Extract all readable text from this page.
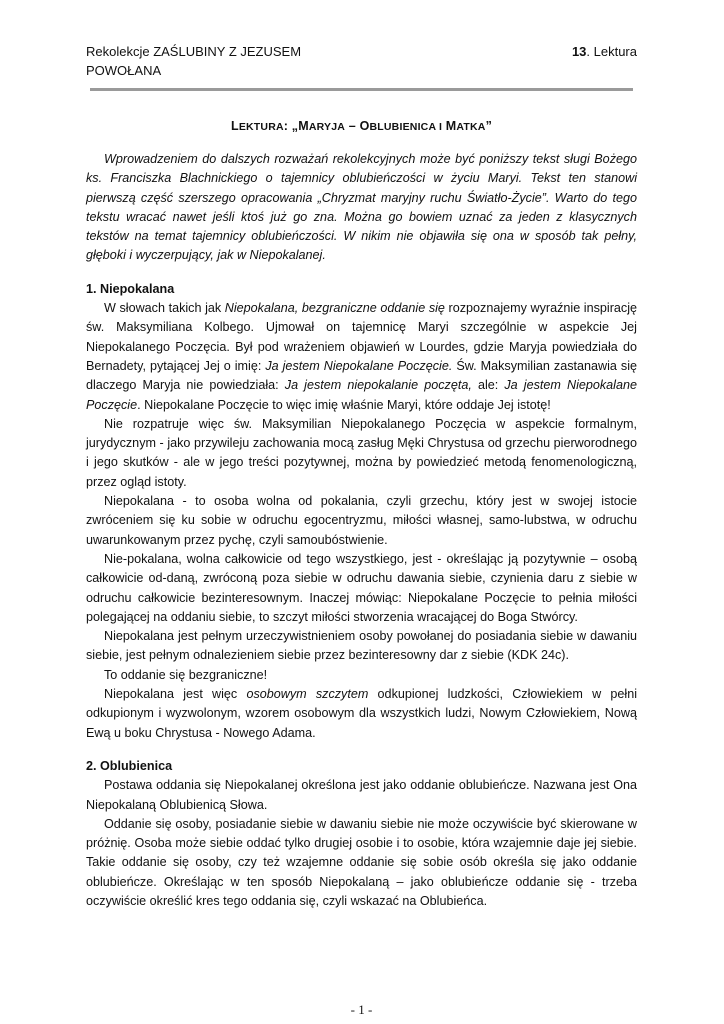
Rekolekcje ZAŚLUBINY Z JEZUSEM
POWOŁANA
13. Lektura
LEKTURA: „MARYJA – OBLUBIENICA I MATKA”

Wprowadzeniem do dalszych rozważań rekolekcyjnych może być poniższy tekst sługi Bożego ks. Franciszka Blachnickiego o tajemnicy oblubieńczości w życiu Maryi. Tekst ten stanowi pierwszą część szerszego opracowania „Chryzmat maryjny ruchu Światło-Życie”. Warto do tego tekstu wracać nawet jeśli ktoś już go zna. Można go bowiem uznać za jeden z klasycznych tekstów na temat tajemnicy oblubieńczości. W nikim nie objawiła się ona w sposób tak pełny, głęboki i wyczerpujący, jak w Niepokalanej.

1. Niepokalana

W słowach takich jak Niepokalana, bezgraniczne oddanie się rozpoznajemy wyraźnie inspirację św. Maksymiliana Kolbego. Ujmował on tajemnicę Maryi szczególnie w aspekcie Jej Niepokalanego Poczęcia. Był pod wrażeniem objawień w Lourdes, gdzie Maryja powiedziała do Bernadety, pytającej Jej o imię: Ja jestem Niepokalane Poczęcie. Św. Maksymilian zastanawia się dlaczego Maryja nie powiedziała: Ja jestem niepokalanie poczęta, ale: Ja jestem Niepokalane Poczęcie. Niepokalane Poczęcie to więc imię właśnie Maryi, które oddaje Jej istotę!

Nie rozpatruje więc św. Maksymilian Niepokalanego Poczęcia w aspekcie formalnym, jurydycznym - jako przywileju zachowania mocą zasług Męki Chrystusa od grzechu pierworodnego i jego skutków - ale w jego treści pozytywnej, można by powiedzieć metodą fenomenologiczną, przez ogląd istoty.

Niepokalana - to osoba wolna od pokalania, czyli grzechu, który jest w swojej istocie zwróceniem się ku sobie w odruchu egocentryzmu, miłości własnej, samo-lubstwa, w odruchu uwarunkowanym przez pychę, czyli samoubóstwienie.

Nie-pokalana, wolna całkowicie od tego wszystkiego, jest - określając ją pozytywnie – osobą całkowicie od-daną, zwróconą poza siebie w odruchu dawania siebie, czynienia daru z siebie w odruchu całkowicie bezinteresownym. Inaczej mówiąc: Niepokalane Poczęcie to pełnia miłości polegającej na oddaniu siebie, to szczyt miłości stworzenia wracającej do Boga Stwórcy.

Niepokalana jest pełnym urzeczywistnieniem osoby powołanej do posiadania siebie w dawaniu siebie, jest pełnym odnalezieniem siebie przez bezinteresowny dar z siebie (KDK 24c).

To oddanie się bezgraniczne!

Niepokalana jest więc osobowym szczytem odkupionej ludzkości, Człowiekiem w pełni odkupionym i wyzwolonym, wzorem osobowym dla wszystkich ludzi, Nowym Człowiekiem, Nową Ewą u boku Chrystusa - Nowego Adama.

2. Oblubienica

Postawa oddania się Niepokalanej określona jest jako oddanie oblubieńcze. Nazwana jest Ona Niepokalaną Oblubienicą Słowa.

Oddanie się osoby, posiadanie siebie w dawaniu siebie nie może oczywiście być skierowane w próżnię. Osoba może siebie oddać tylko drugiej osobie i to osobie, która wzajemnie daje jej siebie. Takie oddanie się osoby, czy też wzajemne oddanie się sobie osób określa się jako oddanie oblubieńcze. Określając w ten sposób Niepokalaną – jako oblubieńcze oddanie się - trzeba oczywiście określić kres tego oddania się, czyli wskazać na Oblubieńca.

- 1 -
